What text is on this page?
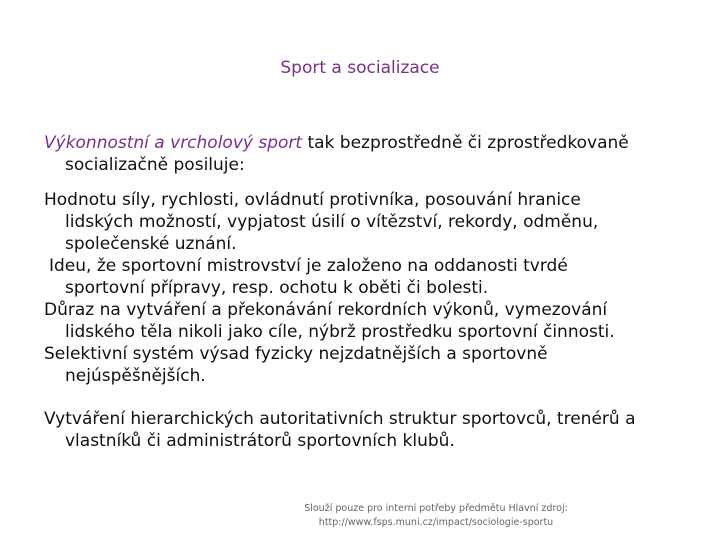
Sport a socializace
Výkonnostní a vrcholový sport tak bezprostředně či zprostředkovaně
socializačně posiluje:
Hodnotu síly, rychlosti, ovládnutí protivníka, posouvání hranice
lidských možností, vypjatost úsilí o vítězství, rekordy, odměnu,
společenské uznání.
Ideu, že sportovní mistrovství je založeno na oddanosti tvrdé
sportovní přípravy, resp. ochotu k oběti či bolesti.
Důraz na vytváření a překonávání rekordních výkonů, vymezování
lidského těla nikoli jako cíle, nýbrž prostředku sportovní činnosti.
Selektivní systém výsad fyzicky nejzdatnějších a sportovně
nejúspěšnějších.
Vytváření hierarchických autoritativních struktur sportovců, trenérů a
vlastníků či administrátorů sportovních klubů.
Slouží pouze pro interní potřeby předmětu Hlavní zdroj:
http://www.fsps.muni.cz/impact/sociologie-sportu
